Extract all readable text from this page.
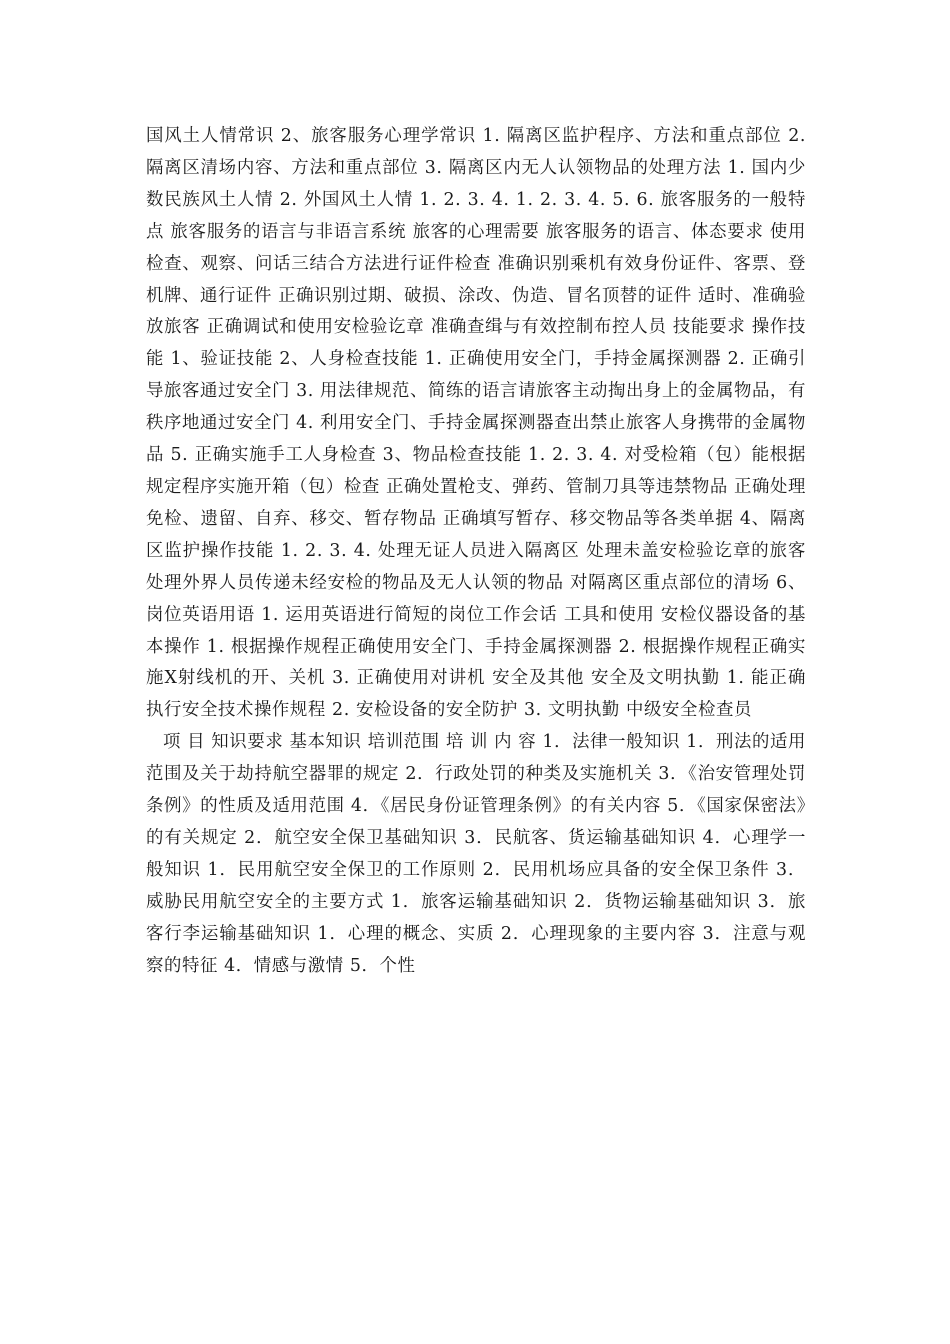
国风土人情常识 2、旅客服务心理学常识 1. 隔离区监护程序、方法和重点部位 2. 隔离区清场内容、方法和重点部位 3. 隔离区内无人认领物品的处理方法 1. 国内少数民族风土人情 2. 外国风土人情 1. 2. 3. 4. 1. 2. 3. 4. 5. 6. 旅客服务的一般特点 旅客服务的语言与非语言系统 旅客的心理需要 旅客服务的语言、体态要求 使用检查、观察、问话三结合方法进行证件检查 准确识别乘机有效身份证件、客票、登机牌、通行证件 正确识别过期、破损、涂改、伪造、冒名顶替的证件 适时、准确验放旅客 正确调试和使用安检验讫章 准确查缉与有效控制布控人员 技能要求 操作技能 1、验证技能 2、人身检查技能 1. 正确使用安全门，手持金属探测器 2. 正确引导旅客通过安全门 3. 用法律规范、简练的语言请旅客主动掏出身上的金属物品，有秩序地通过安全门 4. 利用安全门、手持金属探测器查出禁止旅客人身携带的金属物品 5. 正确实施手工人身检查 3、物品检查技能 1. 2. 3. 4. 对受检箱（包）能根据规定程序实施开箱（包）检查 正确处置枪支、弹药、管制刀具等违禁物品 正确处理免检、遗留、自弃、移交、暂存物品 正确填写暂存、移交物品等各类单据 4、隔离区监护操作技能 1. 2. 3. 4. 处理无证人员进入隔离区 处理未盖安检验讫章的旅客 处理外界人员传递未经安检的物品及无人认领的物品 对隔离区重点部位的清场 6、岗位英语用语 1. 运用英语进行简短的岗位工作会话 工具和使用 安检仪器设备的基本操作 1. 根据操作规程正确使用安全门、手持金属探测器 2. 根据操作规程正确实施X射线机的开、关机 3. 正确使用对讲机 安全及其他 安全及文明执勤 1. 能正确执行安全技术操作规程 2. 安检设备的安全防护 3. 文明执勤 中级安全检查员

项 目 知识要求 基本知识 培训范围 培 训 内 容 1．法律一般知识 1．刑法的适用范围及关于劫持航空器罪的规定 2．行政处罚的种类及实施机关 3．《治安管理处罚条例》的性质及适用范围 4．《居民身份证管理条例》的有关内容 5．《国家保密法》的有关规定 2．航空安全保卫基础知识 3．民航客、货运输基础知识 4．心理学一般知识 1．民用航空安全保卫的工作原则 2．民用机场应具备的安全保卫条件 3．威胁民用航空安全的主要方式 1．旅客运输基础知识 2．货物运输基础知识 3．旅客行李运输基础知识 1．心理的概念、实质 2．心理现象的主要内容 3．注意与观察的特征 4．情感与激情 5．个性
